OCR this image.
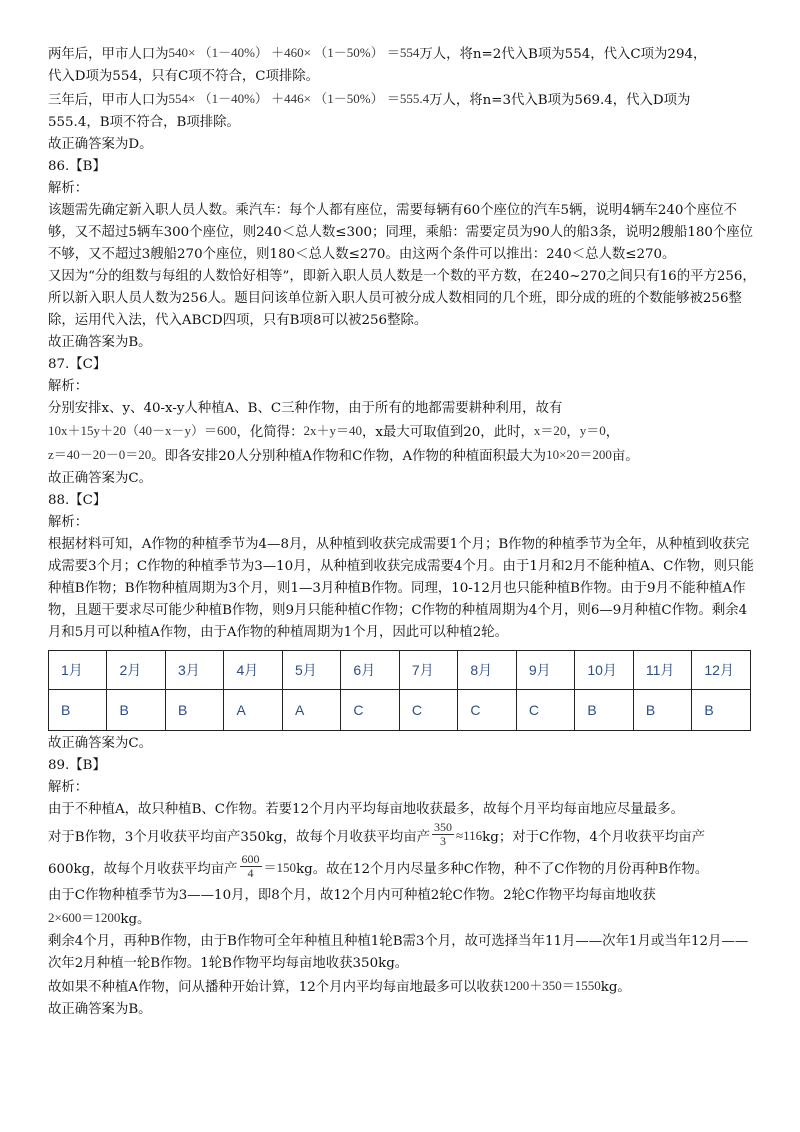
两年后，甲市人口为540× （1－40%） ＋460× （1－50%） ＝554万人，将n=2代入B项为554，代入C项为294，

代入D项为554，只有C项不符合，C项排除。

三年后，甲市人口为554× （1－40%） ＋446× （1－50%） ＝555.4万人，将n=3代入B项为569.4，代入D项为

555.4，B项不符合，B项排除。

故正确答案为D。

86.【B】

解析：

该题需先确定新入职人员人数。乘汽车：每个人都有座位，需要每辆有60个座位的汽车5辆，说明4辆车240个座位不够，又不超过5辆车300个座位，则240＜总人数≤300；同理，乘船：需要定员为90人的船3条，说明2艘船180个座位不够，又不超过3艘船270个座位，则180＜总人数≤270。由这两个条件可以推出：240＜总人数≤270。

又因为“分的组数与每组的人数恰好相等”，即新入职人员人数是一个数的平方数，在240~270之间只有16的平方256，所以新入职人员人数为256人。题目问该单位新入职人员可被分成人数相同的几个班，即分成的班的个数能够被256整除，运用代入法，代入ABCD四项，只有B项8可以被256整除。

故正确答案为B。

87.【C】

解析：

分别安排x、y、40-x-y人种植A、B、C三种作物，由于所有的地都需要耕种利用，故有

10x＋15y＋20（40－x－y）＝600，化简得：2x＋y＝40，x最大可取值到20，此时，x＝20，y＝0，

z＝40－20－0＝20。即各安排20人分别种植A作物和C作物，A作物的种植面积最大为10×20＝200亩。

故正确答案为C。

88.【C】

解析：

根据材料可知，A作物的种植季节为4—8月，从种植到收获完成需要1个月；B作物的种植季节为全年，从种植到收获完成需要3个月；C作物的种植季节为3—10月，从种植到收获完成需要4个月。由于1月和2月不能种植A、C作物，则只能种植B作物；B作物种植周期为3个月，则1—3月种植B作物。同理，10-12月也只能种植B作物。由于9月不能种植A作物，且题干要求尽可能少种植B作物，则9月只能种植C作物；C作物的种植周期为4个月，则6—9月种植C作物。剩余4月和5月可以种植A作物，由于A作物的种植周期为1个月，因此可以种植2轮。

1月	2月	3月	4月	5月	6月	7月	8月	9月	10月	11月	12月
B	B	B	A	A	C	C	C	C	B	B	B

故正确答案为C。

89.【B】

解析：

由于不种植A，故只种植B、C作物。若要12个月内平均每亩地收获最多，故每个月平均每亩地应尽量最多。

对于B作物，3个月收获平均亩产350kg，故每个月收获平均亩产 $\frac{350}{3} \approx 116kg$；对于C作物，4个月收获平均亩产

600kg，故每个月收获平均亩产 $\frac{600}{4} =150kg$。故在12个月内尽量多种C作物，种不了C作物的月份再种B作物。

由于C作物种植季节为3——10月，即8个月，故12个月内可种植2轮C作物。2轮C作物平均每亩地收获

2×600＝1200kg。

剩余4个月，再种B作物，由于B作物可全年种植且种植1轮B需3个月，故可选择当年11月——次年1月或当年12月——次年2月种植一轮B作物。1轮B作物平均每亩地收获350kg。

故如果不种植A作物，问从播种开始计算，12个月内平均每亩地最多可以收获1200＋350＝1550kg。

故正确答案为B。
